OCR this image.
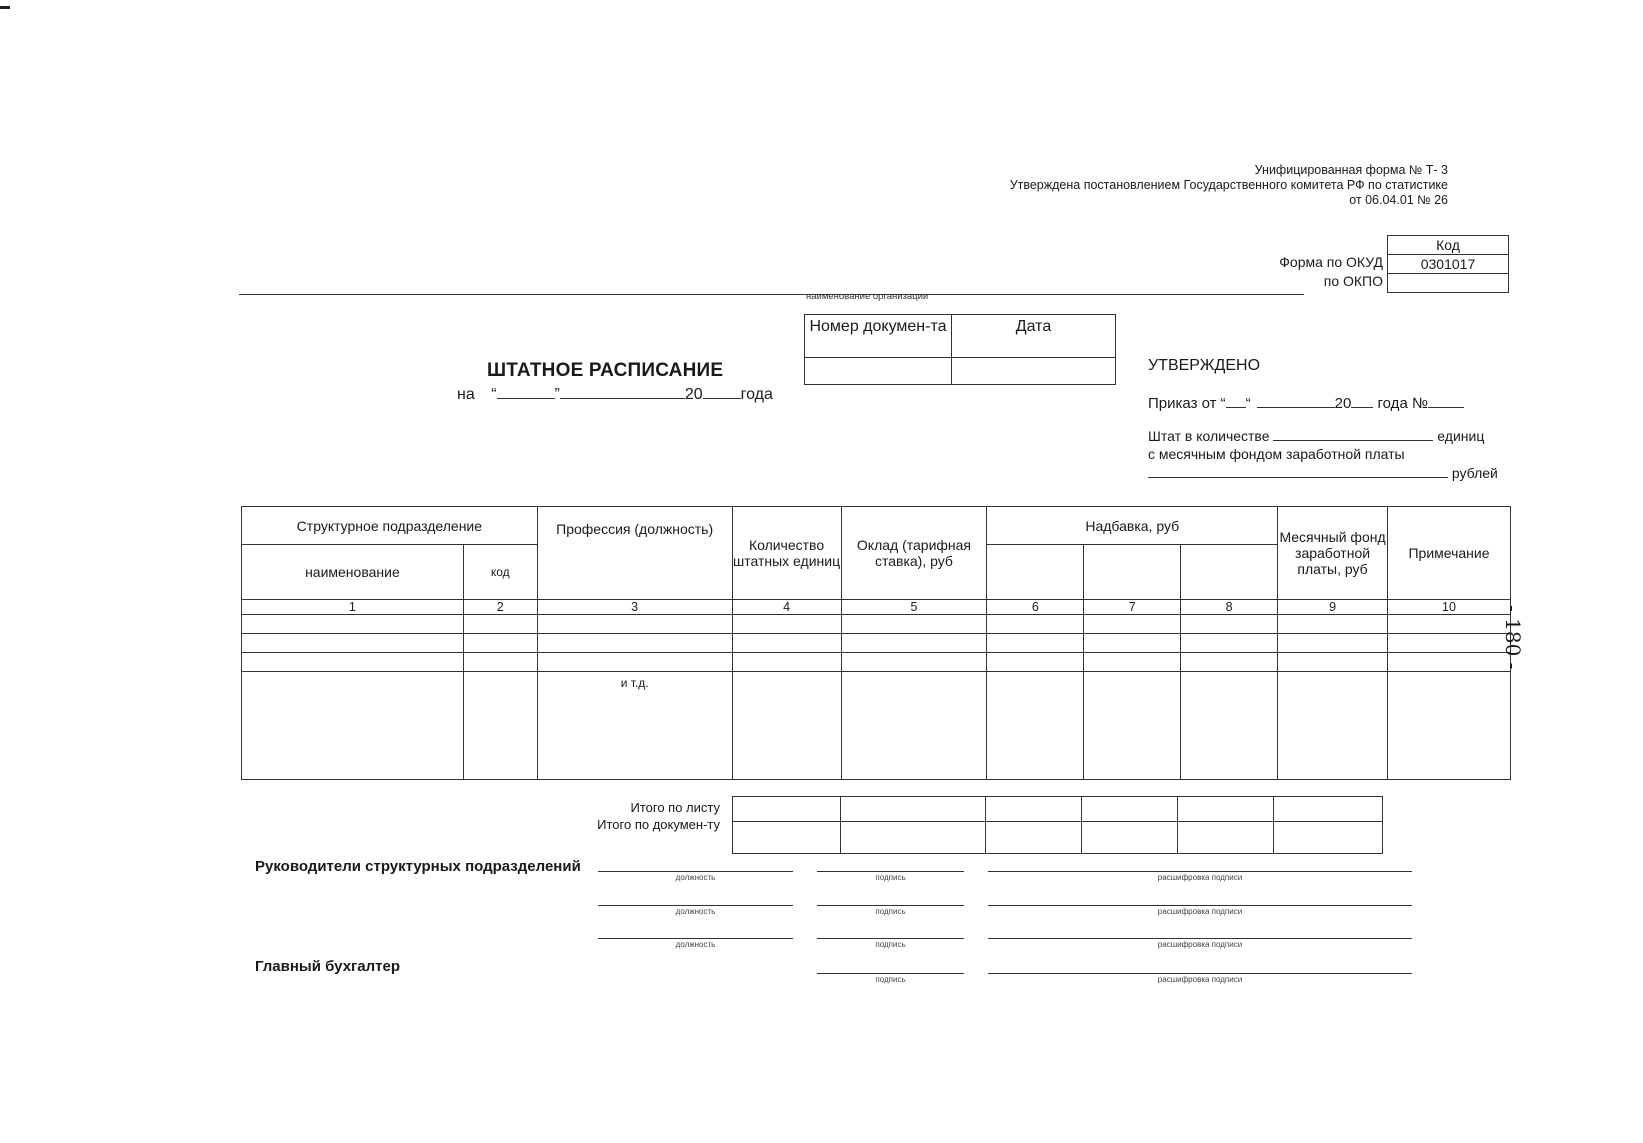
Унифицированная форма № Т- 3
Утверждена постановлением Государственного комитета РФ по статистике
от 06.04.01 № 26
Форма по ОКУД
по ОКПО
Код
0301017

наименование организации
Номер докумен-та	Дата

ШТАТНОЕ РАСПИСАНИЕ
на “	”	20 года
УТВЕРЖДЕНО
Приказ от “ “	20 года №
Штат в количестве	единиц
с месячным фондом заработной платы
рублей
Структурное подразделение		Профессия (должность)	Количество штатных единиц	Оклад (тарифная ставка), руб	Надбавка, руб			Месячный фонд заработной платы, руб	Примечание
наименование	код								
1	2	3	4	5	6	7	8	9	10

		и т.д.							
Итого по листу
Итого по докумен-ту

Руководители структурных подразделений
Главный бухгалтер
должность	подпись	расшифровка подписи
должность	подпись	расшифровка подписи
должность	подпись	расшифровка подписи
подпись	расшифровка подписи
- 180 -
